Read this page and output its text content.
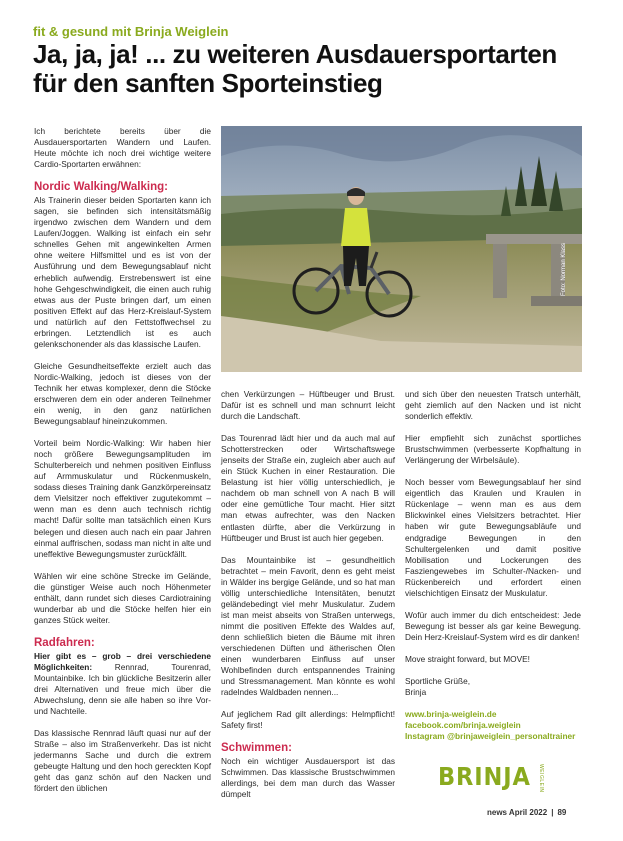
fit & gesund mit Brinja Weiglein
Ja, ja, ja! ... zu weiteren Ausdauersportarten
für den sanften Sporteinstieg

Ich berichtete bereits über die Ausdauersportarten Wandern und Laufen. Heute möchte ich noch drei wichtige weitere Cardio-Sportarten erwähnen:

Nordic Walking/Walking:

Als Trainerin dieser beiden Sportarten kann ich sagen, sie befinden sich intensitätsmäßig irgendwo zwischen dem Wandern und dem Laufen/Joggen. Walking ist einfach ein sehr schnelles Gehen mit angewinkelten Armen ohne weitere Hilfsmittel und es ist von der Ausführung und dem Bewegungsablauf nicht erheblich aufwendig. Erstrebenswert ist eine hohe Gehgeschwindigkeit, die einen auch ruhig etwas aus der Puste bringen darf, um einen positiven Effekt auf das Herz-Kreislauf-System und natürlich auf den Fettstoffwechsel zu erbringen. Letztendlich ist es auch gelenkschonender als das klassische Laufen.

Gleiche Gesundheitseffekte erzielt auch das Nordic-Walking, jedoch ist dieses von der Technik her etwas komplexer, denn die Stöcke erschweren dem ein oder anderen Teilnehmer ein wenig, in den ganz natürlichen Bewegungsablauf hineinzukommen.

Vorteil beim Nordic-Walking: Wir haben hier noch größere Bewegungsamplituden im Schulterbereich und nehmen positiven Einfluss auf Armmuskulatur und Rückenmuskeln, sodass dieses Training dank Ganzkörpereinsatz dem Vielsitzer noch effektiver zugutekommt – wenn man es denn auch technisch richtig macht! Dafür sollte man tatsächlich einen Kurs belegen und diesen auch nach ein paar Jahren einmal auffrischen, sodass man nicht in alte und uneffektive Bewegungsmuster zurückfällt.

Wählen wir eine schöne Strecke im Gelände, die günstiger Weise auch noch Höhenmeter enthält, dann rundet sich dieses Cardiotraining wunderbar ab und die Stöcke helfen hier ein ganzes Stück weiter.

Radfahren:

Hier gibt es – grob – drei verschiedene Möglichkeiten: Rennrad, Tourenrad, Mountainbike. Ich bin glückliche Besitzerin aller drei Alternativen und freue mich über die Abwechslung, denn sie alle haben so ihre Vor- und Nachteile.

Das klassische Rennrad läuft quasi nur auf der Straße – also im Straßenverkehr. Das ist nicht jedermanns Sache und durch die extrem gebeugte Haltung und den hoch gereckten Kopf geht das ganz schön auf den Nacken und fördert den üblichen

Foto: Norman Klass

chen Verkürzungen – Hüftbeuger und Brust. Dafür ist es schnell und man schnurrt leicht durch die Landschaft.

Das Tourenrad lädt hier und da auch mal auf Schotterstrecken oder Wirtschaftswege jenseits der Straße ein, zugleich aber auch auf ein Stück Kuchen in einer Restauration. Die Belastung ist hier völlig unterschiedlich, je nachdem ob man schnell von A nach B will oder eine gemütliche Tour macht. Hier sitzt man etwas aufrechter, was den Nacken entlasten dürfte, aber die Verkürzung in Hüftbeuger und Brust ist auch hier gegeben.

Das Mountainbike ist – gesundheitlich betrachtet – mein Favorit, denn es geht meist in Wälder ins bergige Gelände, und so hat man völlig unterschiedliche Intensitäten, benutzt geländebedingt viel mehr Muskulatur. Zudem ist man meist abseits von Straßen unterwegs, nimmt die positiven Effekte des Waldes auf, denn schließlich bieten die Bäume mit ihren verschiedenen Düften und ätherischen Ölen einen wunderbaren Einfluss auf unser Wohlbefinden durch entspannendes Training und Stressmanagement. Man könnte es wohl radelndes Waldbaden nennen...

Auf jeglichem Rad gilt allerdings: Helmpflicht! Safety first!

Schwimmen:

Noch ein wichtiger Ausdauersport ist das Schwimmen. Das klassische Brustschwimmen allerdings, bei dem man durch das Wasser dümpelt

und sich über den neuesten Tratsch unterhält, geht ziemlich auf den Nacken und ist nicht sonderlich effektiv.

Hier empfiehlt sich zunächst sportliches Brustschwimmen (verbesserte Kopfhaltung in Verlängerung der Wirbelsäule).

Noch besser vom Bewegungsablauf her sind eigentlich das Kraulen und Kraulen in Rückenlage – wenn man es aus dem Blickwinkel eines Vielsitzers betrachtet. Hier haben wir gute Bewegungsabläufe und endgradige Bewegungen in den Schultergelenken und damit positive Mobilisation und Lockerungen des Fasziengewebes im Schulter-/Nacken- und Rückenbereich und erfordert einen vielschichtigen Einsatz der Muskulatur.

Wofür auch immer du dich entscheidest: Jede Bewegung ist besser als gar keine Bewegung. Dein Herz-Kreislauf-System wird es dir danken!

Move straight forward, but MOVE!

Sportliche Grüße,
Brinja

www.brinja-weiglein.de
facebook.com/brinja.weiglein
Instagram @brinjaweiglein_personaltrainer
BRINJA WEIGLEIN
news April 2022 | 89
